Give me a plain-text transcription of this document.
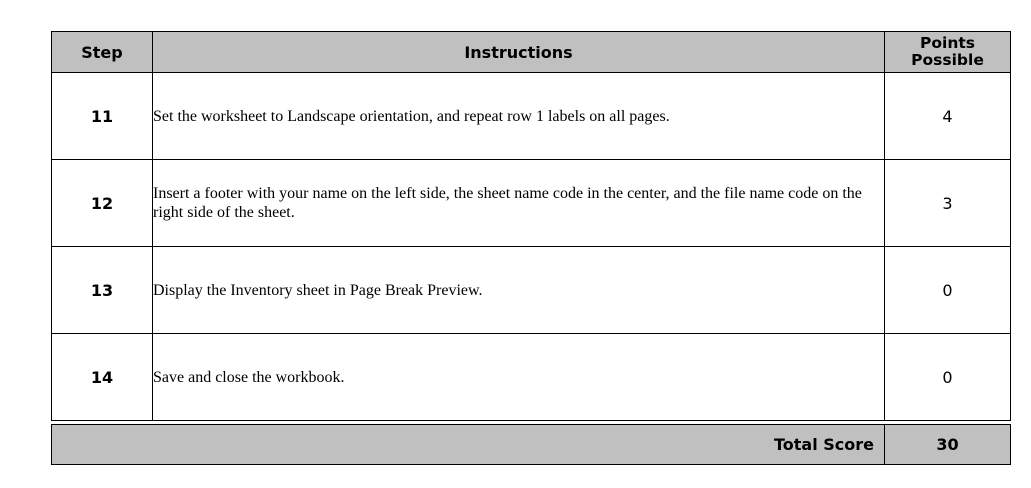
Step	Instructions	Points Possible
11	Set the worksheet to Landscape orientation, and repeat row 1 labels on all pages.	4
12	Insert a footer with your name on the left side, the sheet name code in the center, and the file name code on the right side of the sheet.	3
13	Display the Inventory sheet in Page Break Preview.	0
14	Save and close the workbook.	0
Total Score	30
